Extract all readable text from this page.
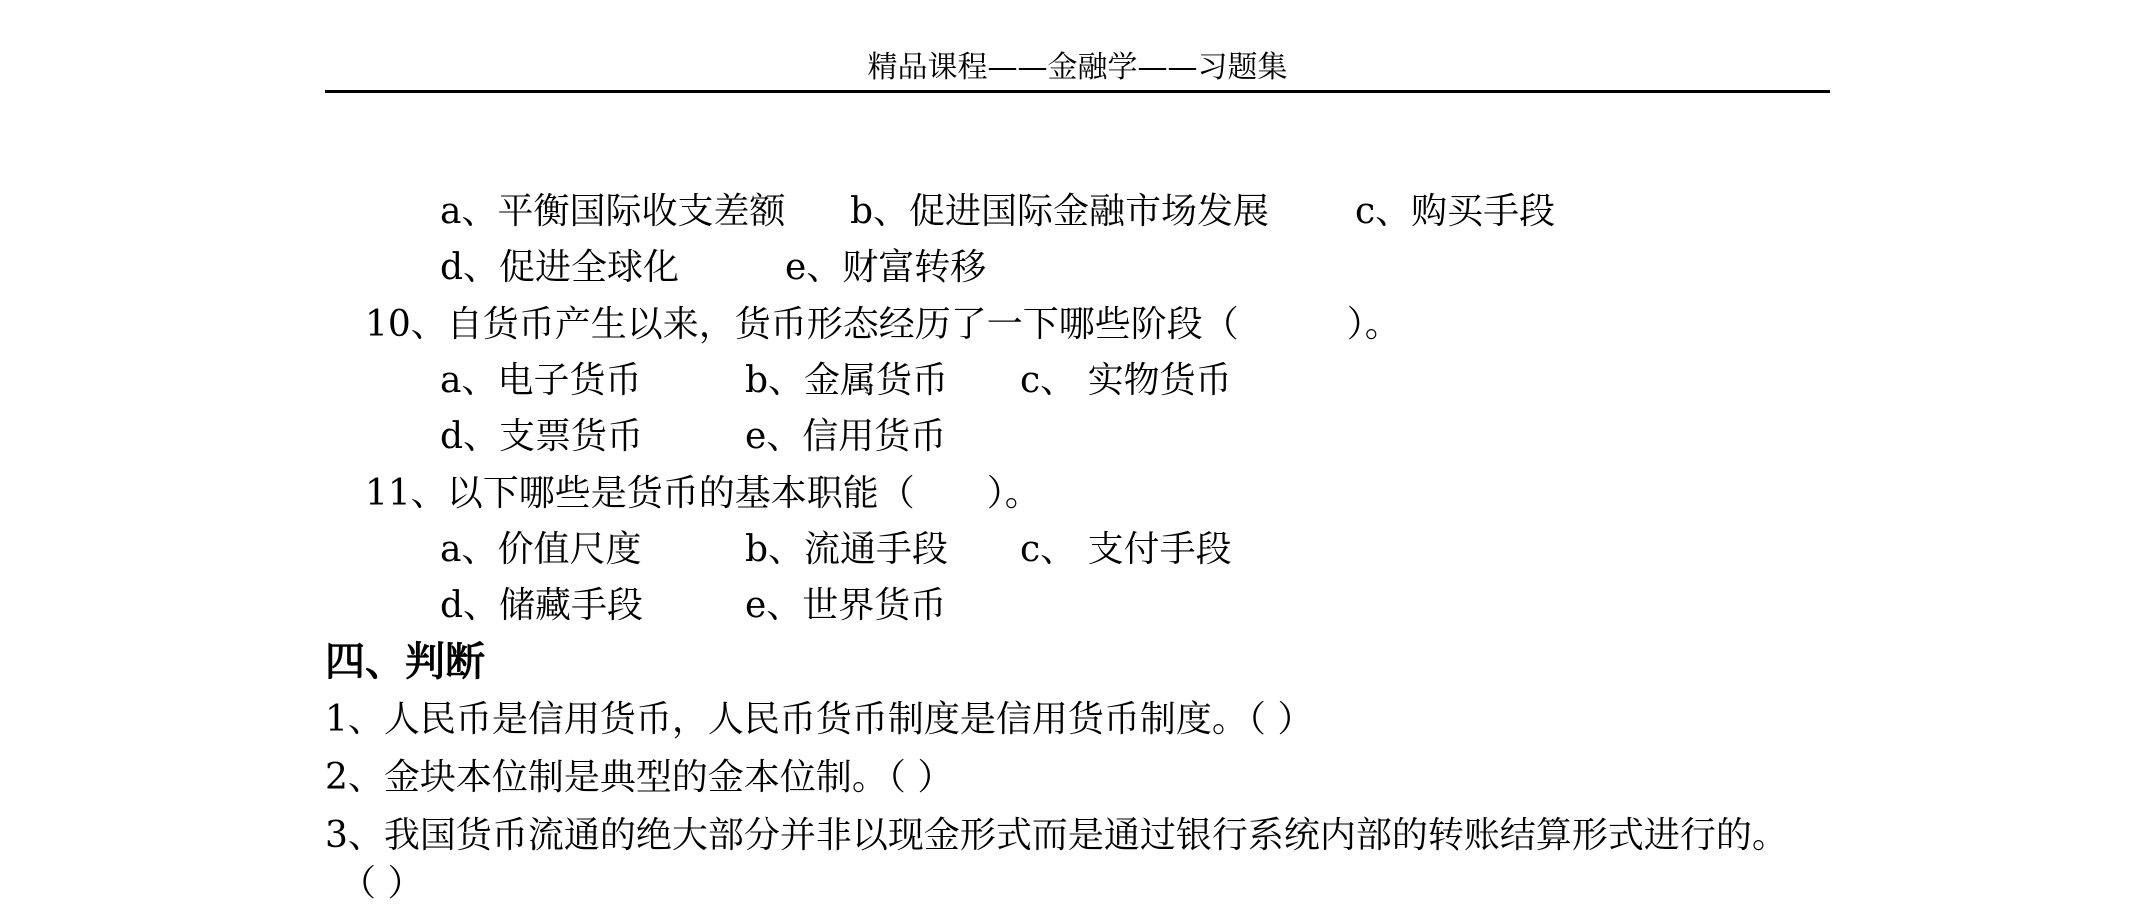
精品课程——金融学——习题集
a、平衡国际收支差额 b、促进国际金融市场发展 c、购买手段
d、促进全球化	e、财富转移
10、自货币产生以来，货币形态经历了一下哪些阶段（　　　）。
a、电子货币	b、金属货币 c、 实物货币
d、支票货币	e、信用货币
11、以下哪些是货币的基本职能（　　）。
a、价值尺度	b、流通手段 c、 支付手段
d、储藏手段	e、世界货币
四、判断
1、人民币是信用货币，人民币货币制度是信用货币制度。（ ）
2、金块本位制是典型的金本位制。（ ）
3、我国货币流通的绝大部分并非以现金形式而是通过银行系统内部的转账结算形式进行的。
（ ）
